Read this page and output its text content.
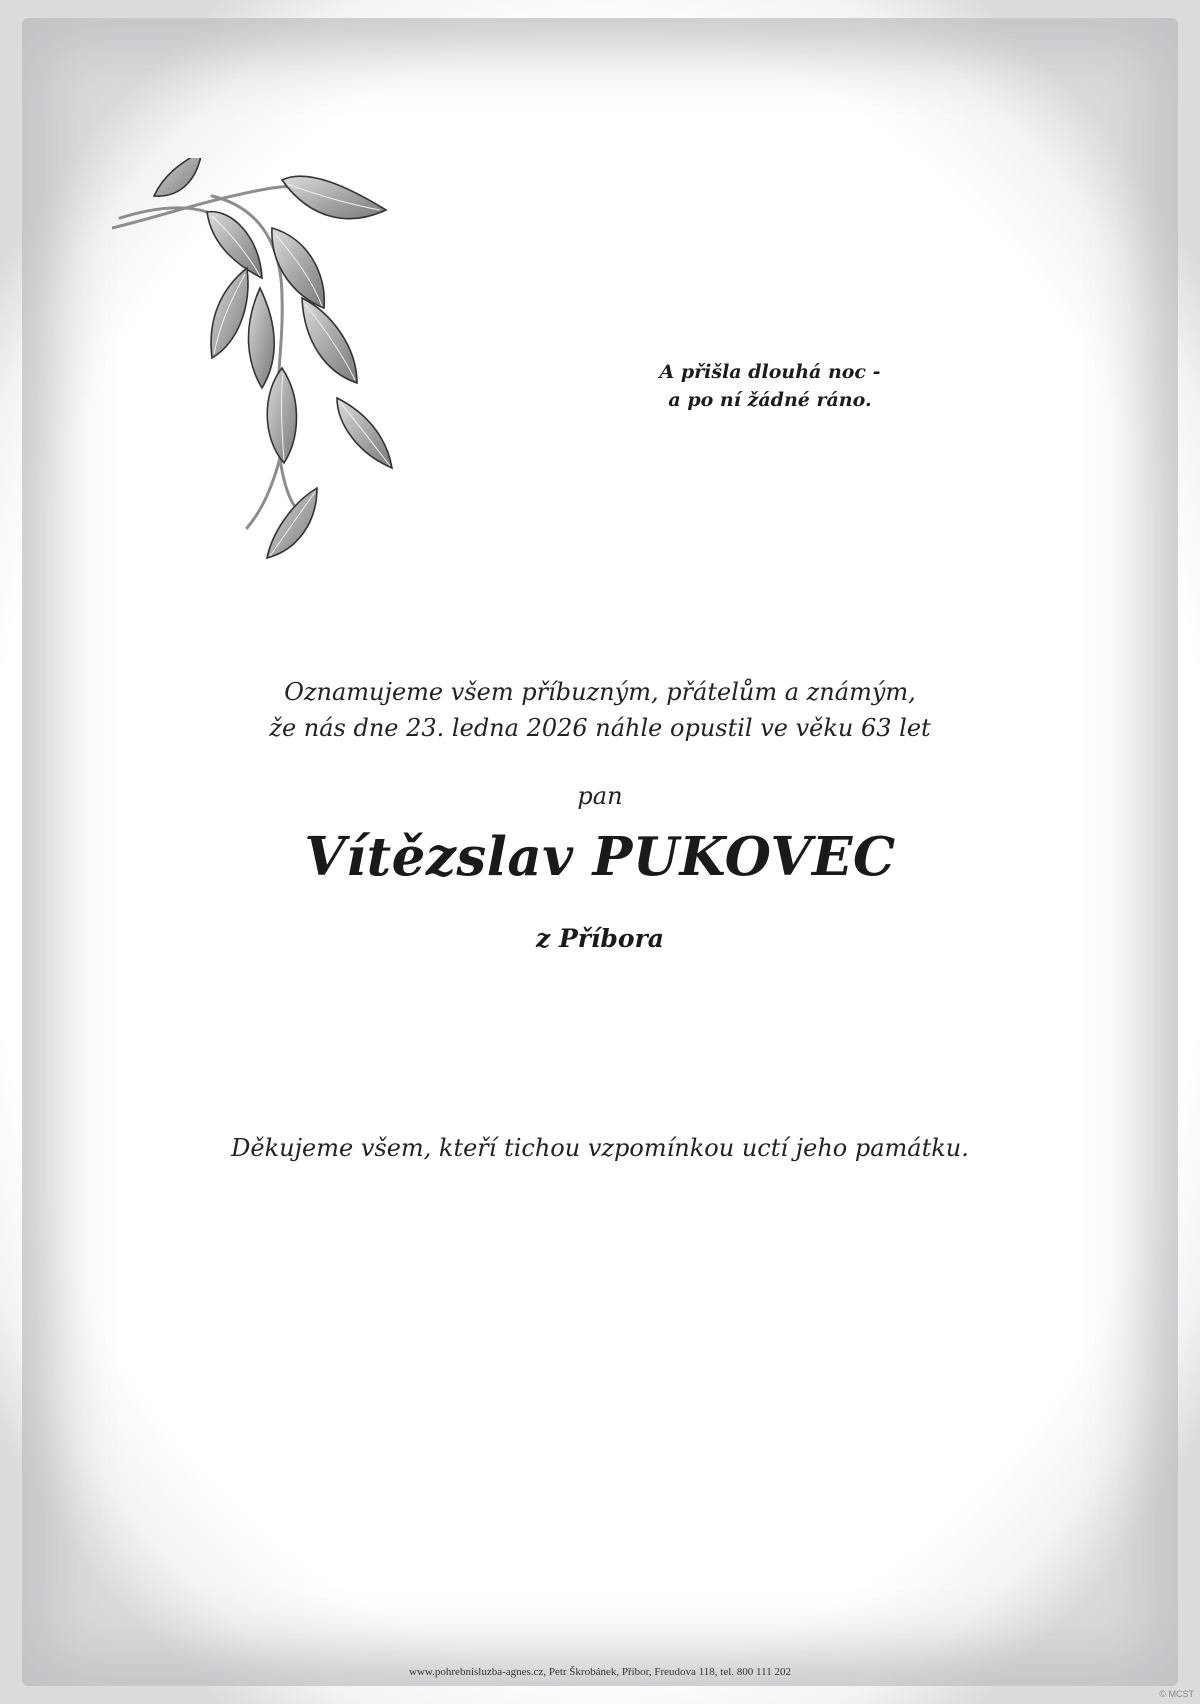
A přišla dlouhá noc -
a po ní žádné ráno.
Oznamujeme všem příbuzným, přátelům a známým,
že nás dne 23. ledna 2026 náhle opustil ve věku 63 let
pan
Vítězslav PUKOVEC
z Příbora
Děkujeme všem, kteří tichou vzpomínkou uctí jeho památku.
www.pohrebnisluzba-agnes.cz, Petr Škrobánek, Příbor, Freudova 118, tel. 800 111 202
© MCST
